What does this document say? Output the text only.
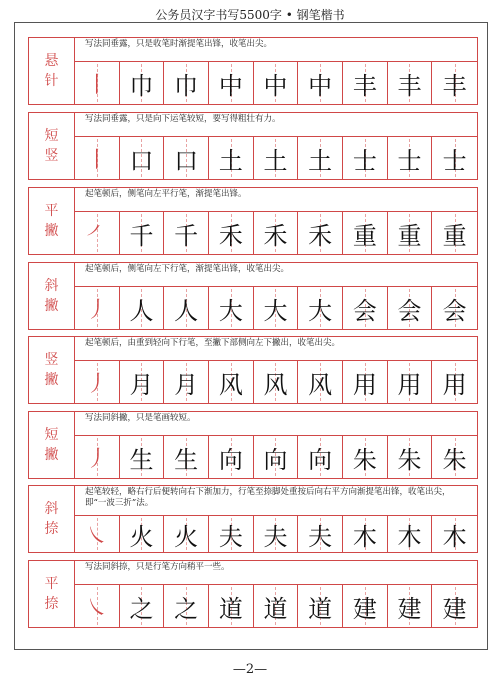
公务员汉字书写5500字 • 钢笔楷书
悬
针
写法同垂露，只是收笔时渐提笔出锋，收笔出尖。
丨 巾 巾 中 中 中 丰 丰 丰
短
竖
写法同垂露，只是向下运笔较短，要写得粗壮有力。
丨 口 口 土 土 土 士 士 士
平
撇
起笔顿后，侧笔向左平行笔，渐提笔出锋。
㇒ 千 千 禾 禾 禾 重 重 重
斜
撇
起笔顿后，侧笔向左下行笔，渐提笔出锋，收笔出尖。
丿 人 人 大 大 大 会 会 会
竖
撇
起笔顿后，由重到轻向下行笔，至撇下部侧向左下撇出，收笔出尖。
丿 月 月 风 风 风 用 用 用
短
撇
写法同斜撇，只是笔画较短。
丿 生 生 向 向 向 朱 朱 朱
斜
捺
起笔较轻，略右行后便转向右下渐加力，行笔至捺脚处重按后向右平方向渐提笔出锋，收笔出尖，即“一波三折”法。
㇏ 火 火 夫 夫 夫 木 木 木
平
捺
写法同斜捺，只是行笔方向稍平一些。
㇏ 之 之 道 道 道 建 建 建
—2—
